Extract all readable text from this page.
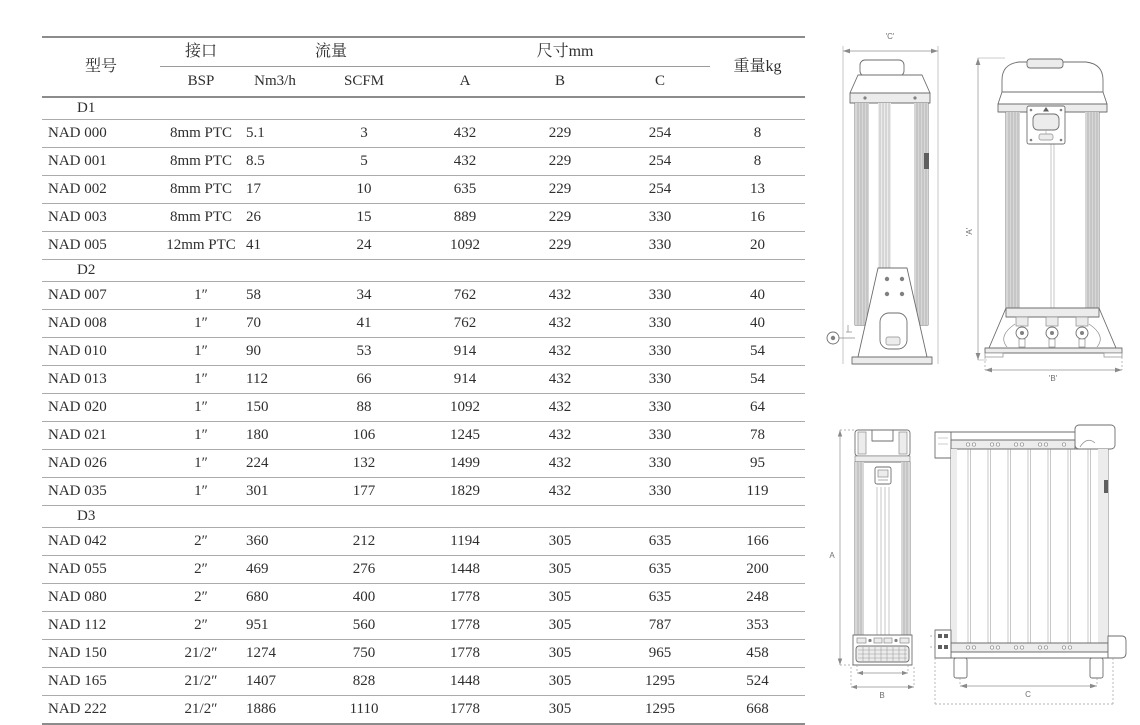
型号	接口	流量		尺寸mm			重量kg
	BSP	Nm3/h	SCFM	A	B	C	
D1							
NAD 000	8mm PTC	5.1	3	432	229	254	8
NAD 001	8mm PTC	8.5	5	432	229	254	8
NAD 002	8mm PTC	17	10	635	229	254	13
NAD 003	8mm PTC	26	15	889	229	330	16
NAD 005	12mm PTC	41	24	1092	229	330	20
D2							
NAD 007	1″	58	34	762	432	330	40
NAD 008	1″	70	41	762	432	330	40
NAD 010	1″	90	53	914	432	330	54
NAD 013	1″	112	66	914	432	330	54
NAD 020	1″	150	88	1092	432	330	64
NAD 021	1″	180	106	1245	432	330	78
NAD 026	1″	224	132	1499	432	330	95
NAD 035	1″	301	177	1829	432	330	119
D3							
NAD 042	2″	360	212	1194	305	635	166
NAD 055	2″	469	276	1448	305	635	200
NAD 080	2″	680	400	1778	305	635	248
NAD 112	2″	951	560	1778	305	787	353
NAD 150	21/2″	1274	750	1778	305	965	458
NAD 165	21/2″	1407	828	1448	305	1295	524
NAD 222	21/2″	1886	1110	1778	305	1295	668
'C'
'A'
'B'
A
B	C
